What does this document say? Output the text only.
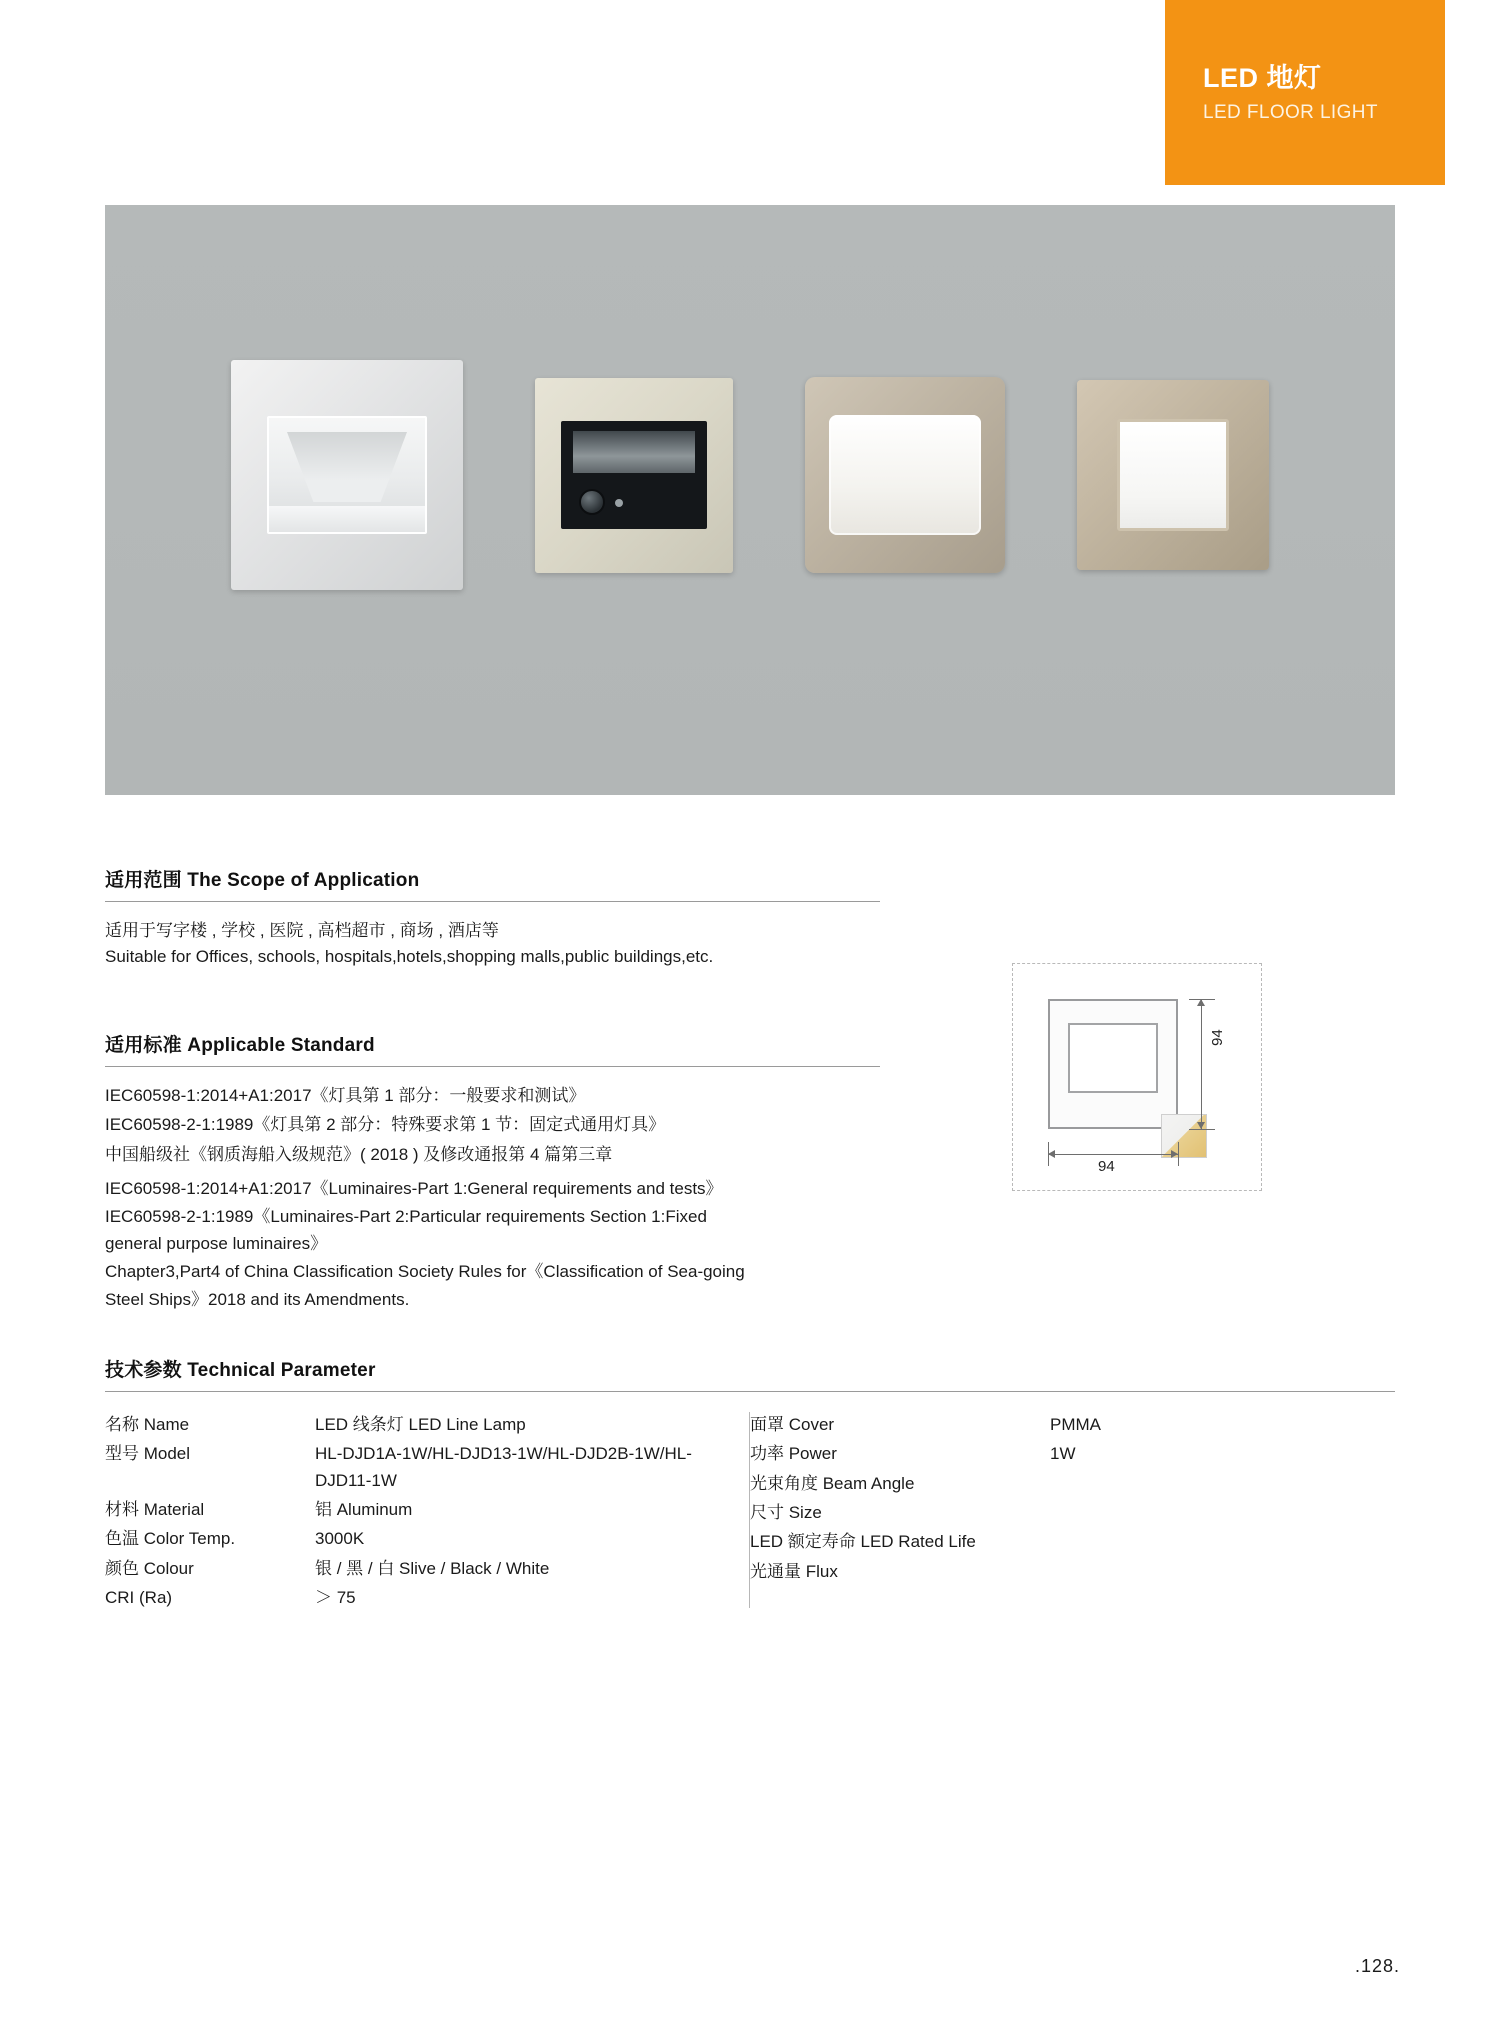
LED 地灯
LED FLOOR LIGHT
适用范围 The Scope of Application
适用于写字楼 , 学校 , 医院 , 高档超市 , 商场 , 酒店等
Suitable for Offices, schools, hospitals,hotels,shopping malls,public buildings,etc.
适用标准 Applicable Standard
IEC60598-1:2014+A1:2017《灯具第 1 部分：一般要求和测试》
IEC60598-2-1:1989《灯具第 2 部分：特殊要求第 1 节：固定式通用灯具》
中国船级社《钢质海船入级规范》( 2018 ) 及修改通报第 4 篇第三章
IEC60598-1:2014+A1:2017《Luminaires-Part 1:General requirements and tests》
IEC60598-2-1:1989《Luminaires-Part 2:Particular requirements Section 1:Fixed
general purpose luminaires》
Chapter3,Part4 of China Classification Society Rules for《Classification of Sea-going
Steel Ships》2018 and its Amendments.
94
94
技术参数 Technical Parameter
名称 Name	LED 线条灯 LED Line Lamp
型号 Model	HL-DJD1A-1W/HL-DJD13-1W/HL-DJD2B-1W/HL-DJD11-1W
材料 Material	铝 Aluminum
色温 Color Temp.	3000K
颜色 Colour	银 / 黑 / 白 Slive / Black / White
CRI (Ra)	＞ 75
面罩 Cover	PMMA
功率 Power	1W
光束角度 Beam Angle
尺寸 Size
LED 额定寿命 LED Rated Life
光通量 Flux
.128.
